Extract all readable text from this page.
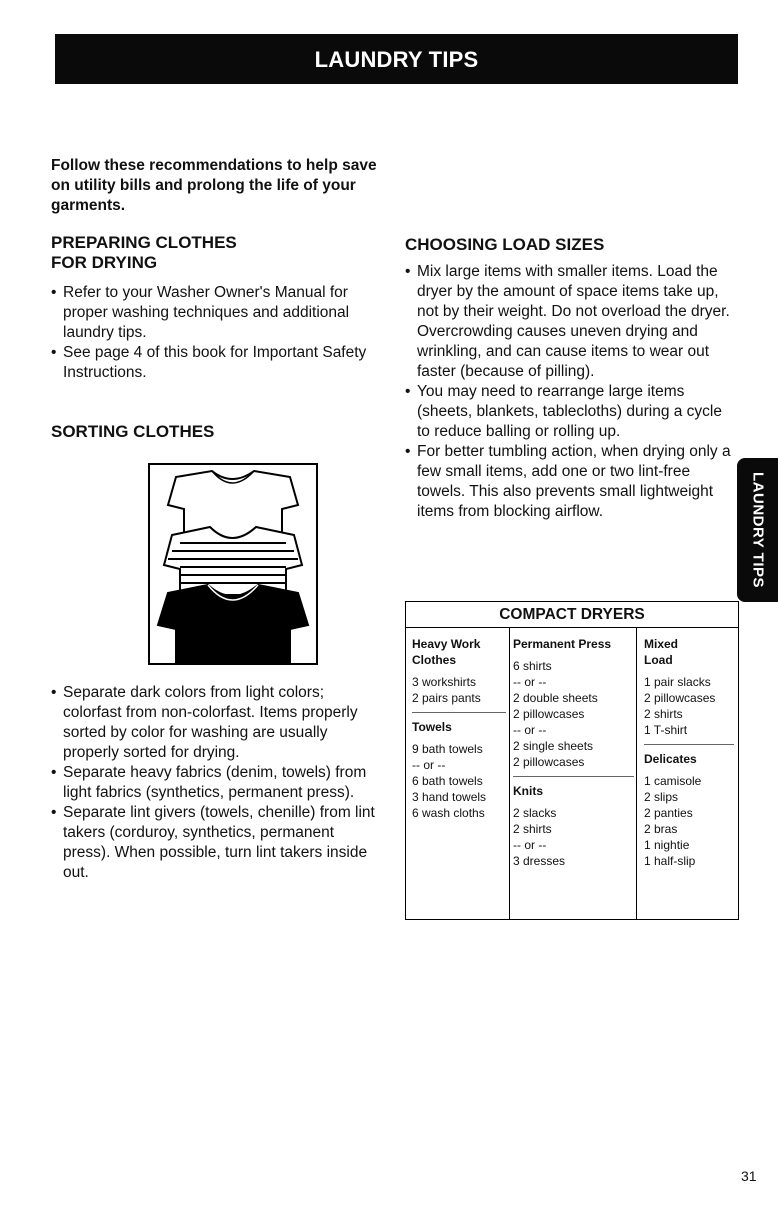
LAUNDRY TIPS
Follow these recommendations to help save on utility bills and prolong the life of your garments.
PREPARING CLOTHES
FOR DRYING
• Refer to your Washer Owner's Manual for proper washing techniques and additional laundry tips.
• See page 4 of this book for Important Safety Instructions.
SORTING CLOTHES
• Separate dark colors from light colors; colorfast from non-colorfast. Items properly sorted by color for washing are usually properly sorted for drying.
• Separate heavy fabrics (denim, towels) from light fabrics (synthetics, permanent press).
• Separate lint givers (towels, chenille) from lint takers (corduroy, synthetics, permanent press). When possible, turn lint takers inside out.
CHOOSING LOAD SIZES
• Mix large items with smaller items. Load the dryer by the amount of space items take up, not by their weight. Do not overload the dryer. Overcrowding causes uneven drying and wrinkling, and can cause items to wear out faster (because of pilling).
• You may need to rearrange large items (sheets, blankets, tablecloths) during a cycle to reduce balling or rolling up.
• For better tumbling action, when drying only a few small items, add one or two lint-free towels. This also prevents small lightweight items from blocking airflow.	LAUNDRY TIPS
COMPACT DRYERS
Heavy Work
Clothes
3 workshirts
2 pairs pants
Towels
9 bath towels
-- or --
6 bath towels
3 hand towels
6 wash cloths
Permanent Press
6 shirts
-- or --
2 double sheets
2 pillowcases
-- or --
2 single sheets
2 pillowcases
Knits
2 slacks
2 shirts
-- or --
3 dresses
Mixed
Load
1 pair slacks
2 pillowcases
2 shirts
1 T-shirt
Delicates
1 camisole
2 slips
2 panties
2 bras
1 nightie
1 half-slip
31
